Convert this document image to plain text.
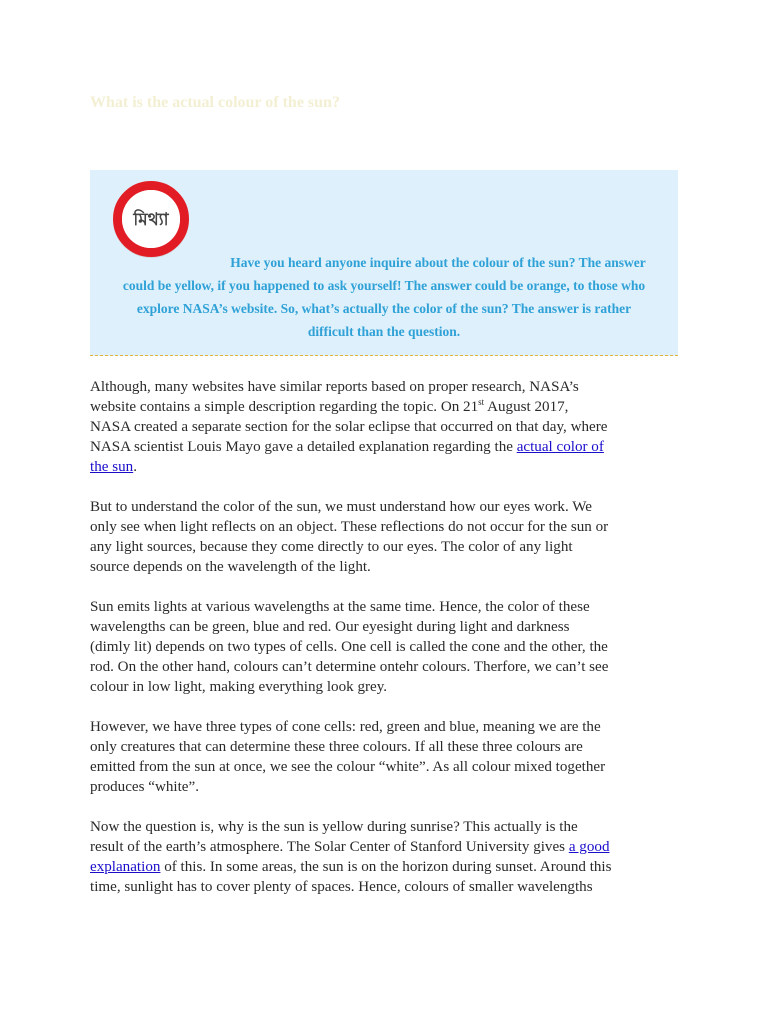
What is the actual colour of the sun?
মিথ্যা

Have you heard anyone inquire about the colour of the sun? The answer
could be yellow, if you happened to ask yourself! The answer could be orange, to those who
explore NASA’s website. So, what’s actually the color of the sun? The answer is rather
difficult than the question.

Although, many websites have similar reports based on proper research, NASA’s
website contains a simple description regarding the topic. On 21st August 2017,
NASA created a separate section for the solar eclipse that occurred on that day, where
NASA scientist Louis Mayo gave a detailed explanation regarding the actual color of
the sun.

But to understand the color of the sun, we must understand how our eyes work. We
only see when light reflects on an object. These reflections do not occur for the sun or
any light sources, because they come directly to our eyes. The color of any light
source depends on the wavelength of the light.

Sun emits lights at various wavelengths at the same time. Hence, the color of these
wavelengths can be green, blue and red. Our eyesight during light and darkness
(dimly lit) depends on two types of cells. One cell is called the cone and the other, the
rod. On the other hand, colours can’t determine ontehr colours. Therfore, we can’t see
colour in low light, making everything look grey.

However, we have three types of cone cells: red, green and blue, meaning we are the
only creatures that can determine these three colours. If all these three colours are
emitted from the sun at once, we see the colour “white”. As all colour mixed together
produces “white”.

Now the question is, why is the sun is yellow during sunrise? This actually is the
result of the earth’s atmosphere. The Solar Center of Stanford University gives a good
explanation of this. In some areas, the sun is on the horizon during sunset. Around this
time, sunlight has to cover plenty of spaces. Hence, colours of smaller wavelengths
